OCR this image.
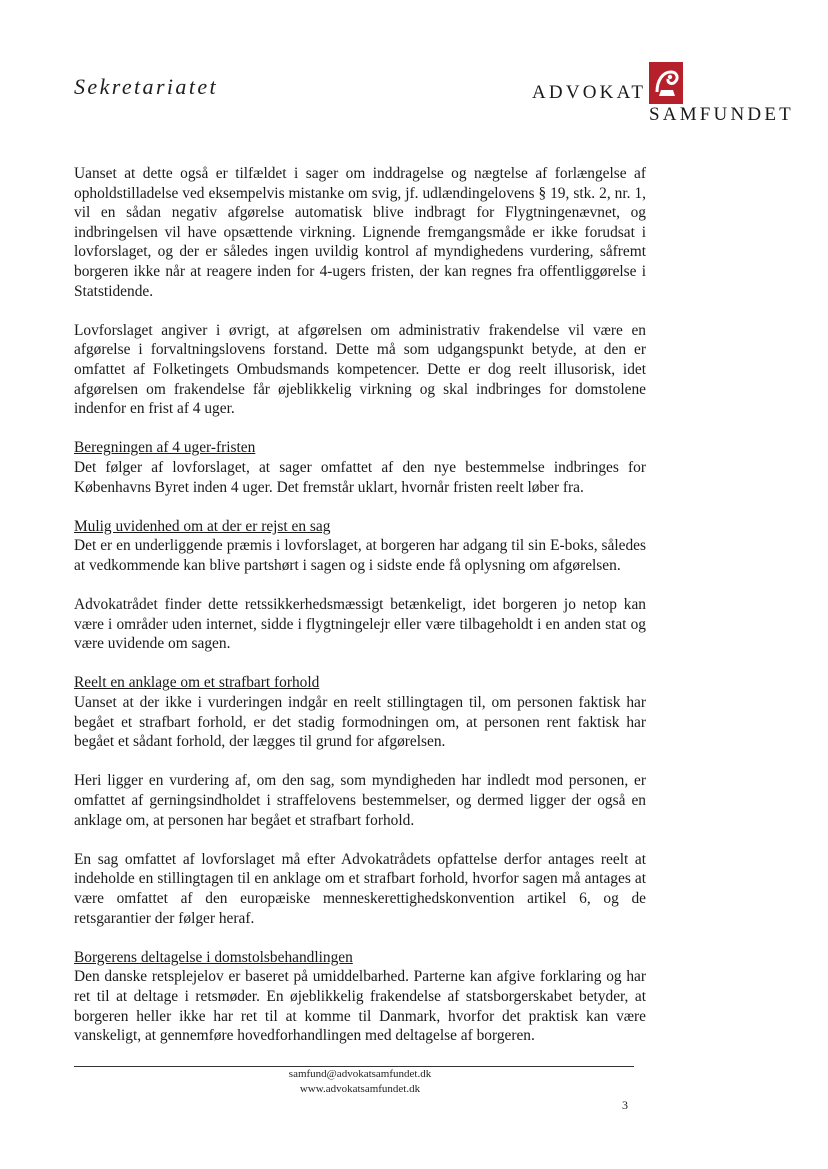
Sekretariatet	ADVOKAT
SAMFUNDET

Uanset at dette også er tilfældet i sager om inddragelse og nægtelse af forlængelse af opholdstilladelse ved eksempelvis mistanke om svig, jf. udlændingelovens § 19, stk. 2, nr. 1, vil en sådan negativ afgørelse automatisk blive indbragt for Flygtningenævnet, og indbringelsen vil have opsættende virkning. Lignende fremgangsmåde er ikke forudsat i lovforslaget, og der er således ingen uvildig kontrol af myndighedens vurdering, såfremt borgeren ikke når at reagere inden for 4-ugers fristen, der kan regnes fra offentliggørelse i Statstidende.

Lovforslaget angiver i øvrigt, at afgørelsen om administrativ frakendelse vil være en afgørelse i forvaltningslovens forstand. Dette må som udgangspunkt betyde, at den er omfattet af Folketingets Ombudsmands kompetencer. Dette er dog reelt illusorisk, idet afgørelsen om frakendelse får øjeblikkelig virkning og skal indbringes for domstolene indenfor en frist af 4 uger.

Beregningen af 4 uger-fristen

Det følger af lovforslaget, at sager omfattet af den nye bestemmelse indbringes for Københavns Byret inden 4 uger. Det fremstår uklart, hvornår fristen reelt løber fra.

Mulig uvidenhed om at der er rejst en sag

Det er en underliggende præmis i lovforslaget, at borgeren har adgang til sin E-boks, således at vedkommende kan blive partshørt i sagen og i sidste ende få oplysning om afgørelsen.

Advokatrådet finder dette retssikkerhedsmæssigt betænkeligt, idet borgeren jo netop kan være i områder uden internet, sidde i flygtningelejr eller være tilbageholdt i en anden stat og være uvidende om sagen.

Reelt en anklage om et strafbart forhold

Uanset at der ikke i vurderingen indgår en reelt stillingtagen til, om personen faktisk har begået et strafbart forhold, er det stadig formodningen om, at personen rent faktisk har begået et sådant forhold, der lægges til grund for afgørelsen.

Heri ligger en vurdering af, om den sag, som myndigheden har indledt mod personen, er omfattet af gerningsindholdet i straffelovens bestemmelser, og dermed ligger der også en anklage om, at personen har begået et strafbart forhold.

En sag omfattet af lovforslaget må efter Advokatrådets opfattelse derfor antages reelt at indeholde en stillingtagen til en anklage om et strafbart forhold, hvorfor sagen må antages at være omfattet af den europæiske menneskerettighedskonvention artikel 6, og de retsgarantier der følger heraf.

Borgerens deltagelse i domstolsbehandlingen

Den danske retsplejelov er baseret på umiddelbarhed. Parterne kan afgive forklaring og har ret til at deltage i retsmøder. En øjeblikkelig frakendelse af statsborgerskabet betyder, at borgeren heller ikke har ret til at komme til Danmark, hvorfor det praktisk kan være vanskeligt, at gennemføre hovedforhandlingen med deltagelse af borgeren.

samfund@advokatsamfundet.dk
www.advokatsamfundet.dk
3
